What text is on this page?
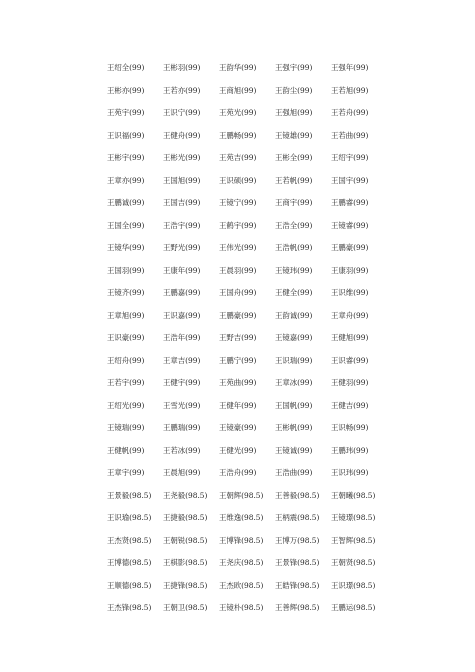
王绍全(99)	王彬羽(99)	王韵华(99)	王强宇(99)	王强年(99)
王彬亦(99)	王若亦(99)	王商旭(99)	王韵尘(99)	王若旭(99)
王苑宇(99)	王识宁(99)	王苑光(99)	王强旭(99)	王若舟(99)
王识福(99)	王健舟(99)	王鹏畅(99)	王镜雄(99)	王若曲(99)
王彬宇(99)	王彬光(99)	王苑吉(99)	王彬全(99)	王绍宇(99)
王章亦(99)	王国旭(99)	王识硕(99)	王若帆(99)	王国宇(99)
王鹏诚(99)	王国吉(99)	王镜宁(99)	王商宇(99)	王鹏睿(99)
王国全(99)	王浩宇(99)	王鹤宇(99)	王浩全(99)	王镜睿(99)
王镜华(99)	王野光(99)	王伟光(99)	王浩帆(99)	王鹏豪(99)
王国羽(99)	王康年(99)	王晨羽(99)	王镜玮(99)	王康羽(99)
王镜齐(99)	王鹏嘉(99)	王国舟(99)	王健全(99)	王识维(99)
王章旭(99)	王识嘉(99)	王鹏豪(99)	王韵诚(99)	王章舟(99)
王识豪(99)	王浩年(99)	王野吉(99)	王镜嘉(99)	王健旭(99)
王绍舟(99)	王章吉(99)	王鹏宁(99)	王识瑞(99)	王识睿(99)
王若宇(99)	王健宇(99)	王苑曲(99)	王章冰(99)	王健羽(99)
王绍光(99)	王雪光(99)	王健年(99)	王国帆(99)	王健吉(99)
王镜瑞(99)	王鹏瑞(99)	王镜豪(99)	王彬帆(99)	王识畅(99)
王健帆(99)	王若冰(99)	王健光(99)	王镜诚(99)	王鹏玮(99)
王章宇(99)	王晨旭(99)	王浩舟(99)	王浩曲(99)	王识玮(99)
王景毅(98.5)	王尧毅(98.5)	王朝辉(98.5)	王善毅(98.5)	王朝曦(98.5)
王识瑜(98.5)	王捷毅(98.5)	王维逸(98.5)	王柄震(98.5)	王镜璟(98.5)
王杰贤(98.5)	王朝锐(98.5)	王博锋(98.5)	王博万(98.5)	王智辉(98.5)
王博德(98.5)	王棋影(98.5)	王尧庆(98.5)	王景锋(98.5)	王朝贤(98.5)
王顺德(98.5)	王捷锋(98.5)	王杰欧(98.5)	王皓锋(98.5)	王识璟(98.5)
王杰锋(98.5)	王朝卫(98.5)	王镜朴(98.5)	王善辉(98.5)	王鹏运(98.5)
